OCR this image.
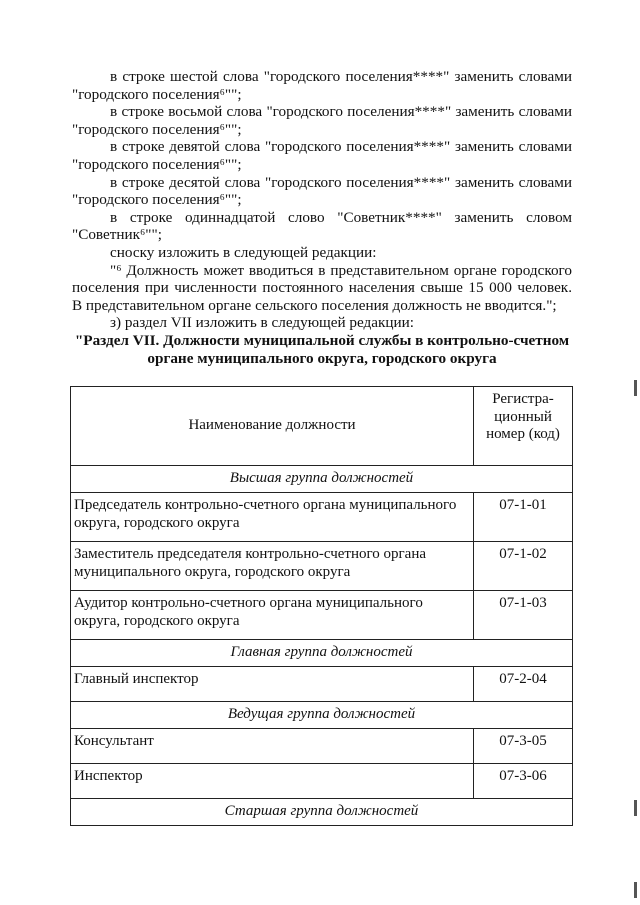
в строке шестой слова "городского поселения****" заменить словами "городского поселения⁶"";

в строке восьмой слова "городского поселения****" заменить словами "городского поселения⁶"";

в строке девятой слова "городского поселения****" заменить словами "городского поселения⁶"";

в строке десятой слова "городского поселения****" заменить словами "городского поселения⁶"";

в строке одиннадцатой слово "Советник****" заменить словом "Советник⁶"";

сноску изложить в следующей редакции:

"⁶ Должность может вводиться в представительном органе городского поселения при численности постоянного населения свыше 15 000 человек. В представительном органе сельского поселения должность не вводится.";

з) раздел VII изложить в следующей редакции:

"Раздел VII. Должности муниципальной службы в контрольно-счетном органе муниципального округа, городского округа

Наименование должности	Регистра-ционный номер (код)
Высшая группа должностей	
Председатель контрольно-счетного органа муниципального округа, городского округа	07-1-01
Заместитель председателя контрольно-счетного органа муниципального округа, городского округа	07-1-02
Аудитор контрольно-счетного органа муниципального округа, городского округа	07-1-03
Главная группа должностей	
Главный инспектор	07-2-04
Ведущая группа должностей	
Консультант	07-3-05
Инспектор	07-3-06
Старшая группа должностей	
